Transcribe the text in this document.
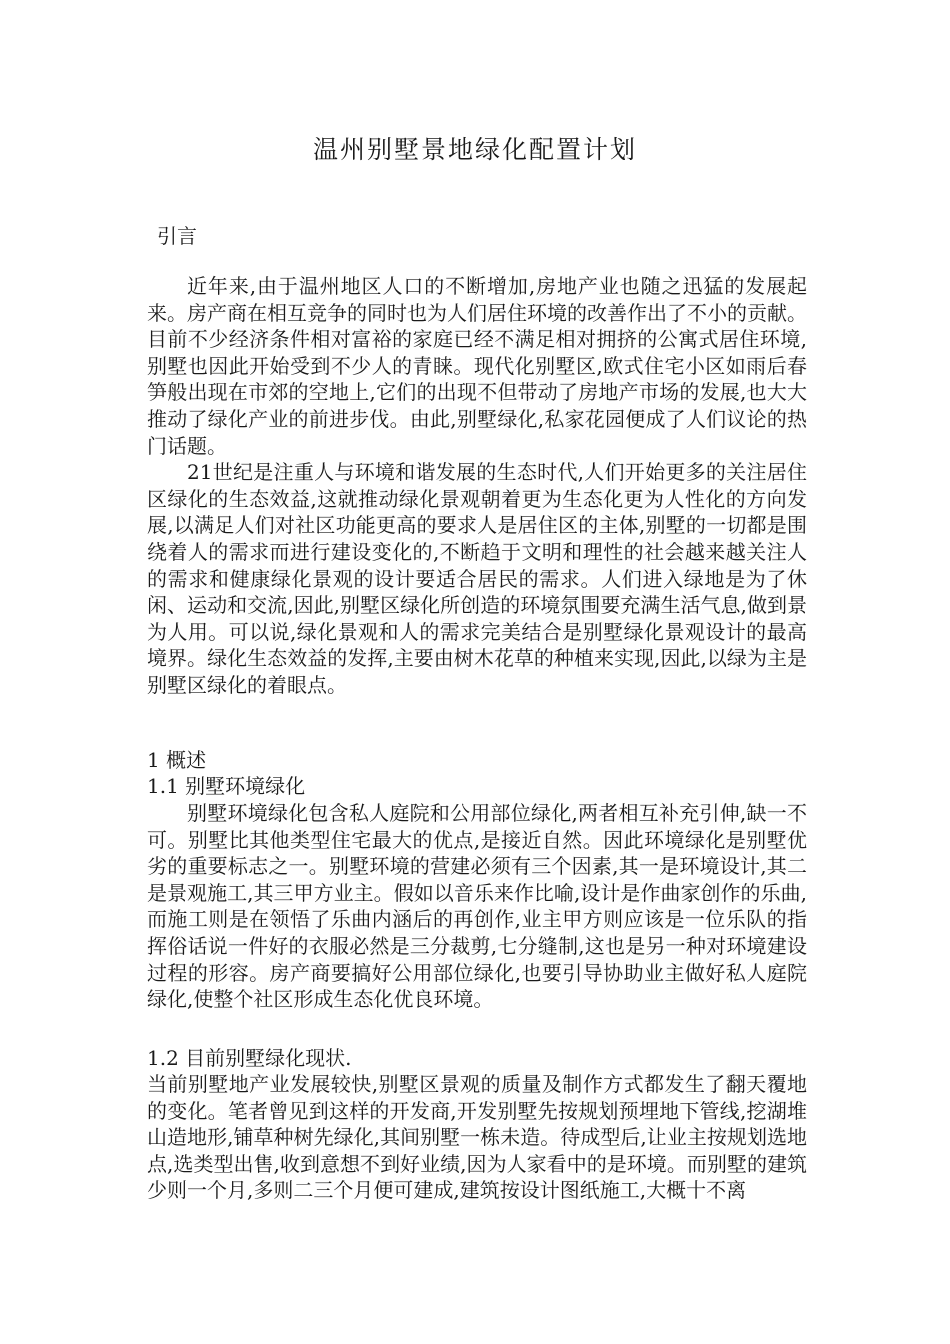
温州别墅景地绿化配置计划
引言

近年来,由于温州地区人口的不断增加,房地产业也随之迅猛的发展起来。房产商在相互竞争的同时也为人们居住环境的改善作出了不小的贡献。目前不少经济条件相对富裕的家庭已经不满足相对拥挤的公寓式居住环境,别墅也因此开始受到不少人的青睐。现代化别墅区,欧式住宅小区如雨后春笋般出现在市郊的空地上,它们的出现不但带动了房地产市场的发展,也大大推动了绿化产业的前进步伐。由此,别墅绿化,私家花园便成了人们议论的热门话题。

21世纪是注重人与环境和谐发展的生态时代,人们开始更多的关注居住区绿化的生态效益,这就推动绿化景观朝着更为生态化更为人性化的方向发展,以满足人们对社区功能更高的要求人是居住区的主体,别墅的一切都是围绕着人的需求而进行建设变化的,不断趋于文明和理性的社会越来越关注人的需求和健康绿化景观的设计要适合居民的需求。人们进入绿地是为了休闲、运动和交流,因此,别墅区绿化所创造的环境氛围要充满生活气息,做到景为人用。可以说,绿化景观和人的需求完美结合是别墅绿化景观设计的最高境界。绿化生态效益的发挥,主要由树木花草的种植来实现,因此,以绿为主是别墅区绿化的着眼点。

1 概述
1.1 别墅环境绿化

别墅环境绿化包含私人庭院和公用部位绿化,两者相互补充引伸,缺一不可。别墅比其他类型住宅最大的优点,是接近自然。因此环境绿化是别墅优劣的重要标志之一。别墅环境的营建必须有三个因素,其一是环境设计,其二是景观施工,其三甲方业主。假如以音乐来作比喻,设计是作曲家创作的乐曲,而施工则是在领悟了乐曲内涵后的再创作,业主甲方则应该是一位乐队的指挥俗话说一件好的衣服必然是三分裁剪,七分缝制,这也是另一种对环境建设过程的形容。房产商要搞好公用部位绿化,也要引导协助业主做好私人庭院绿化,使整个社区形成生态化优良环境。

1.2 目前别墅绿化现状.

当前别墅地产业发展较快,别墅区景观的质量及制作方式都发生了翻天覆地的变化。笔者曾见到这样的开发商,开发别墅先按规划预埋地下管线,挖湖堆山造地形,铺草种树先绿化,其间别墅一栋未造。待成型后,让业主按规划选地点,选类型出售,收到意想不到好业绩,因为人家看中的是环境。而别墅的建筑少则一个月,多则二三个月便可建成,建筑按设计图纸施工,大概十不离
